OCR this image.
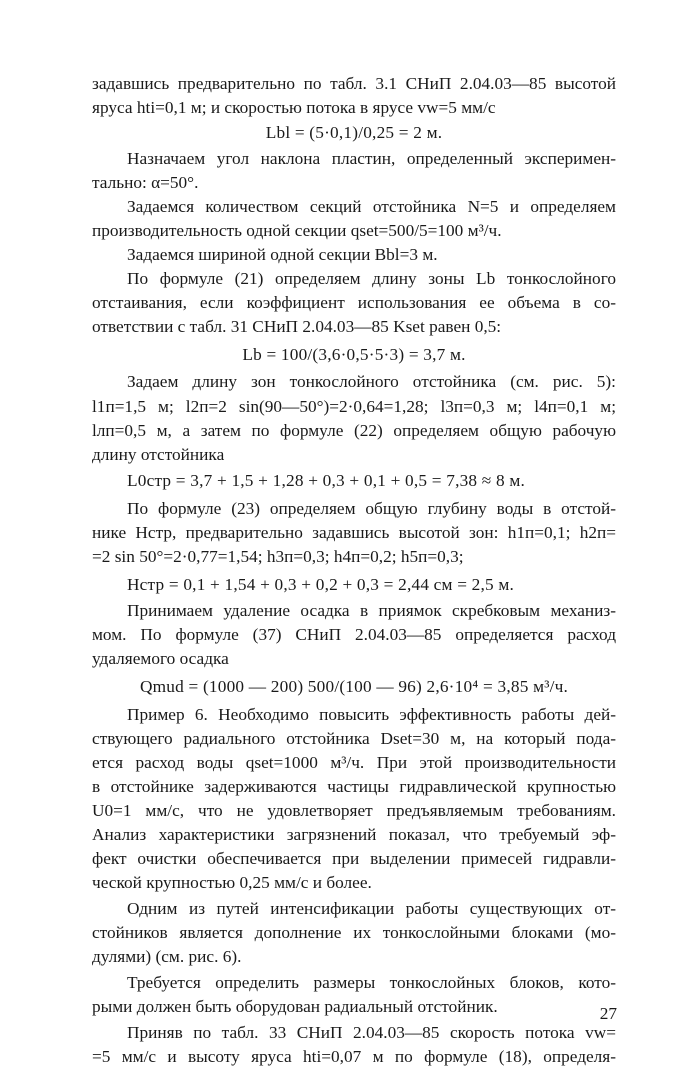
задавшись предварительно по табл. 3.1 СНиП 2.04.03—85 высотой
яруса hti=0,1 м; и скоростью потока в ярусе vw=5 мм/с
Lbl = (5·0,1)/0,25 = 2 м.
Назначаем угол наклона пластин, определенный эксперимен-
тально: α=50°.
Задаемся количеством секций отстойника N=5 и определяем
производительность одной секции qset=500/5=100 м³/ч.
Задаемся шириной одной секции Bbl=3 м.
По формуле (21) определяем длину зоны Lb тонкослойного
отстаивания, если коэффициент использования ее объема в со-
ответствии с табл. 31 СНиП 2.04.03—85 Kset равен 0,5:
Lb = 100/(3,6·0,5·5·3) = 3,7 м.
Задаем длину зон тонкослойного отстойника (см. рис. 5):
l1п=1,5 м; l2п=2 sin(90—50°)=2·0,64=1,28; l3п=0,3 м; l4п=0,1 м;
lлп=0,5 м, а затем по формуле (22) определяем общую рабочую
длину отстойника
L0стр = 3,7 + 1,5 + 1,28 + 0,3 + 0,1 + 0,5 = 7,38 ≈ 8 м.
По формуле (23) определяем общую глубину воды в отстой-
нике Hстр, предварительно задавшись высотой зон: h1п=0,1; h2п=
=2 sin 50°=2·0,77=1,54; h3п=0,3; h4п=0,2; h5п=0,3;
Hстр = 0,1 + 1,54 + 0,3 + 0,2 + 0,3 = 2,44 см = 2,5 м.
Принимаем удаление осадка в приямок скребковым механиз-
мом. По формуле (37) СНиП 2.04.03—85 определяется расход
удаляемого осадка
Qmud = (1000 — 200) 500/(100 — 96) 2,6·10⁴ = 3,85 м³/ч.
Пример 6. Необходимо повысить эффективность работы дей-
ствующего радиального отстойника Dset=30 м, на который пода-
ется расход воды qset=1000 м³/ч. При этой производительности
в отстойнике задерживаются частицы гидравлической крупностью
U0=1 мм/с, что не удовлетворяет предъявляемым требованиям.
Анализ характеристики загрязнений показал, что требуемый эф-
фект очистки обеспечивается при выделении примесей гидравли-
ческой крупностью 0,25 мм/с и более.
Одним из путей интенсификации работы существующих от-
стойников является дополнение их тонкослойными блоками (мо-
дулями) (см. рис. 6).
Требуется определить размеры тонкослойных блоков, кото-
рыми должен быть оборудован радиальный отстойник.
Приняв по табл. 33 СНиП 2.04.03—85 скорость потока vw=
=5 мм/с и высоту яруса hti=0,07 м по формуле (18), определя-
27
